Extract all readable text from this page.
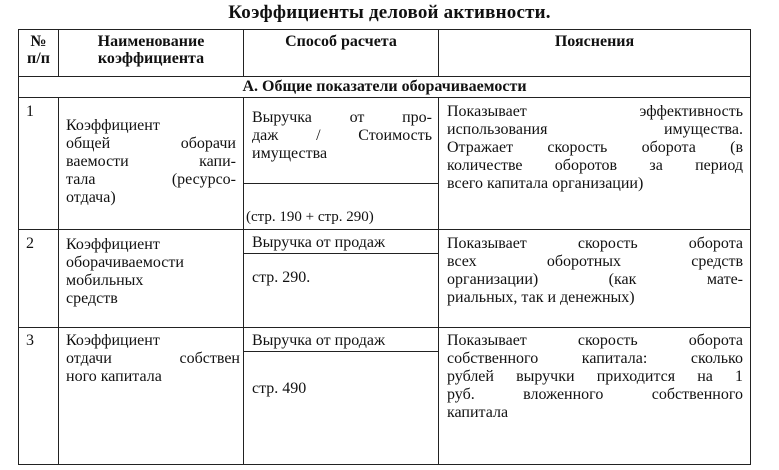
Коэффициенты деловой активности.
№
п/п
Наименование
коэффициента
Способ расчета	Пояснения
А. Общие показатели оборачиваемости
1
Коэффициент
общей оборачи
ваемости капи-
тала (ресурсо-
отдача)
Выручка от про-
даж / Стоимость
имущества
(стр. 190 + стр. 290)
Показывает эффективность
использования имущества.
Отражает скорость оборота (в
количестве оборотов за период
всего капитала организации)
2 Коэффициент
оборачиваемости
мобильных
средств
Выручка от продаж
стр. 290.
Показывает скорость оборота
всех оборотных средств
организации) (как мате-
риальных, так и денежных)
3 Коэффициент
отдачи собствен
ного капитала
Выручка от продаж
стр. 490
Показывает скорость оборота
собственного капитала: сколько
рублей выручки приходится на 1
руб. вложенного собственного
капитала
